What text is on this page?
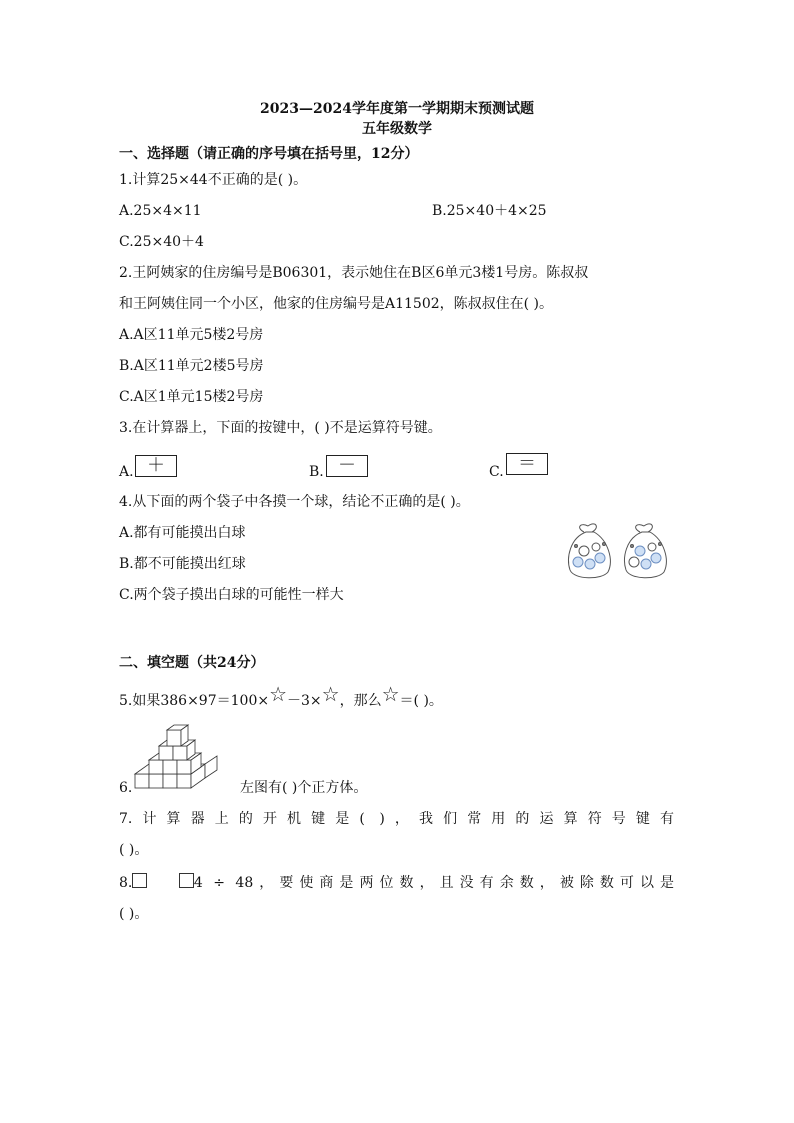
2023—2024学年度第一学期期末预测试题
五年级数学
一、选择题（请正确的序号填在括号里，12分）
1.计算25×44不正确的是( )。
A.25×4×11	B.25×40＋4×25
C.25×40＋4
2.王阿姨家的住房编号是B06301，表示她住在B区6单元3楼1号房。陈叔叔
和王阿姨住同一个小区，他家的住房编号是A11502，陈叔叔住在( )。
A.A区11单元5楼2号房
B.A区11单元2楼5号房
C.A区1单元15楼2号房
3.在计算器上，下面的按键中，( )不是运算符号键。
A. ＋	B. －	C. ＝
4.从下面的两个袋子中各摸一个球，结论不正确的是( )。
A.都有可能摸出白球
B.都不可能摸出红球
C.两个袋子摸出白球的可能性一样大
二、填空题（共24分）
5.如果386×97＝100×☆－3×☆，那么☆＝( )。
6.	左图有( )个正方体。
7.计算器上的开机键是( )，我们常用的运算符号键有
( )。
8.	4 ÷ 48，要使商是两位数，且没有余数，被除数可以是
( )。
